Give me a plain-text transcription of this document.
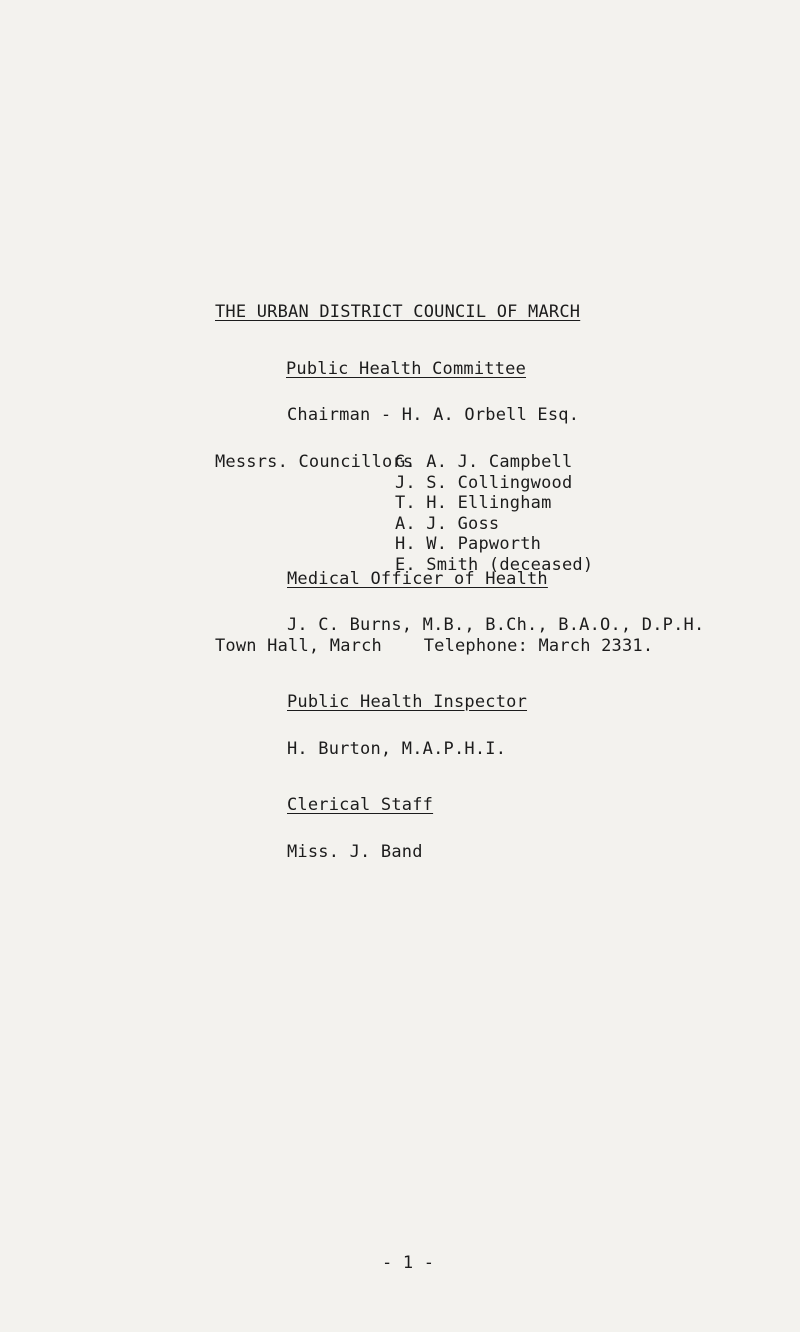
THE URBAN DISTRICT COUNCIL OF MARCH
Public Health Committee
Chairman - H. A. Orbell Esq.
Messrs. Councillors
G. A. J. Campbell
J. S. Collingwood
T. H. Ellingham
A. J. Goss
H. W. Papworth
E. Smith (deceased)
Medical Officer of Health
J. C. Burns, M.B., B.Ch., B.A.O., D.P.H.
Town Hall, March    Telephone: March 2331.
Public Health Inspector
H. Burton, M.A.P.H.I.
Clerical Staff
Miss. J. Band
- 1 -
